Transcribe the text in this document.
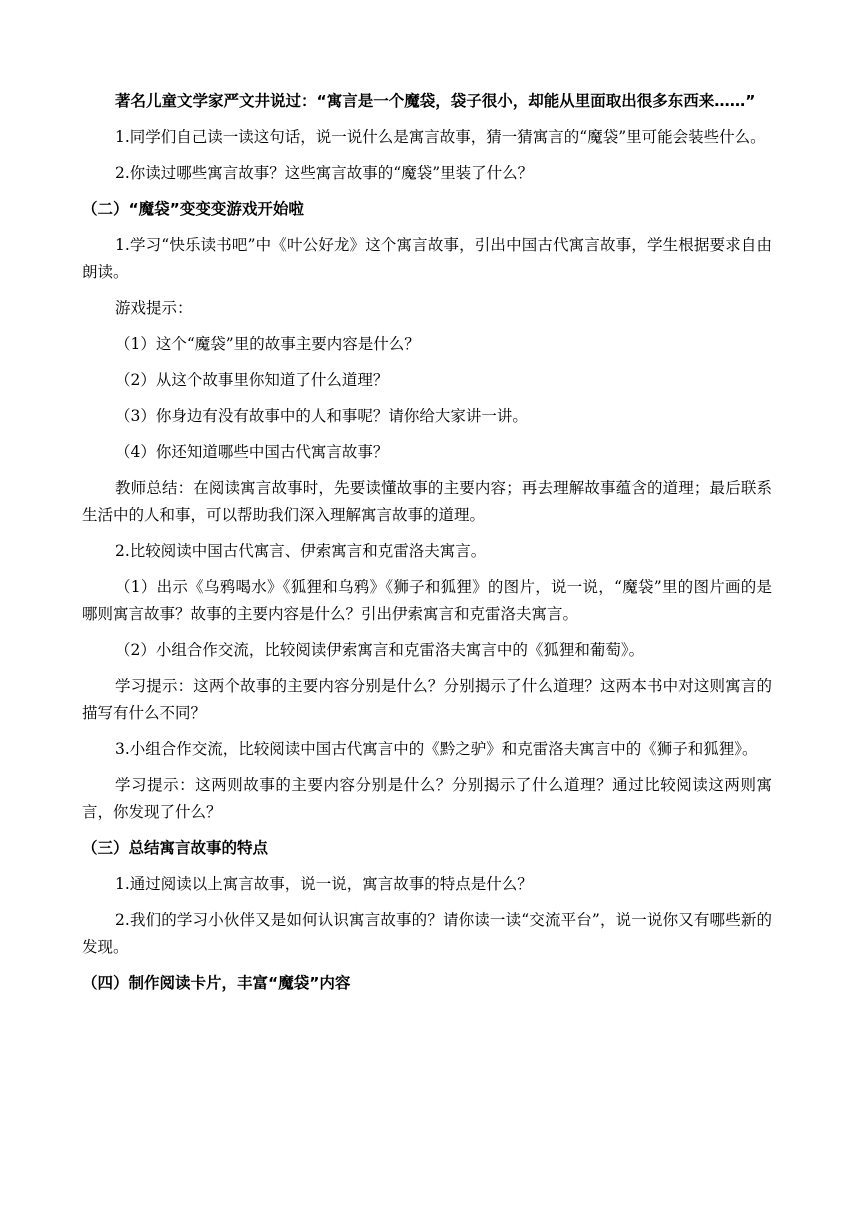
著名儿童文学家严文井说过：“寓言是一个魔袋，袋子很小，却能从里面取出很多东西来……”

1.同学们自己读一读这句话，说一说什么是寓言故事，猜一猜寓言的“魔袋”里可能会装些什么。

2.你读过哪些寓言故事？这些寓言故事的“魔袋”里装了什么？

（二）“魔袋”变变变游戏开始啦

1.学习“快乐读书吧”中《叶公好龙》这个寓言故事，引出中国古代寓言故事，学生根据要求自由朗读。

游戏提示：

（1）这个“魔袋”里的故事主要内容是什么？

（2）从这个故事里你知道了什么道理？

（3）你身边有没有故事中的人和事呢？请你给大家讲一讲。

（4）你还知道哪些中国古代寓言故事？

教师总结：在阅读寓言故事时，先要读懂故事的主要内容；再去理解故事蕴含的道理；最后联系生活中的人和事，可以帮助我们深入理解寓言故事的道理。

2.比较阅读中国古代寓言、伊索寓言和克雷洛夫寓言。

（1）出示《乌鸦喝水》《狐狸和乌鸦》《狮子和狐狸》的图片，说一说，“魔袋”里的图片画的是哪则寓言故事？故事的主要内容是什么？引出伊索寓言和克雷洛夫寓言。

（2）小组合作交流，比较阅读伊索寓言和克雷洛夫寓言中的《狐狸和葡萄》。

学习提示：这两个故事的主要内容分别是什么？分别揭示了什么道理？这两本书中对这则寓言的描写有什么不同？

3.小组合作交流，比较阅读中国古代寓言中的《黔之驴》和克雷洛夫寓言中的《狮子和狐狸》。

学习提示：这两则故事的主要内容分别是什么？分别揭示了什么道理？通过比较阅读这两则寓言，你发现了什么？

（三）总结寓言故事的特点

1.通过阅读以上寓言故事，说一说，寓言故事的特点是什么？

2.我们的学习小伙伴又是如何认识寓言故事的？请你读一读“交流平台”，说一说你又有哪些新的发现。

（四）制作阅读卡片，丰富“魔袋”内容
